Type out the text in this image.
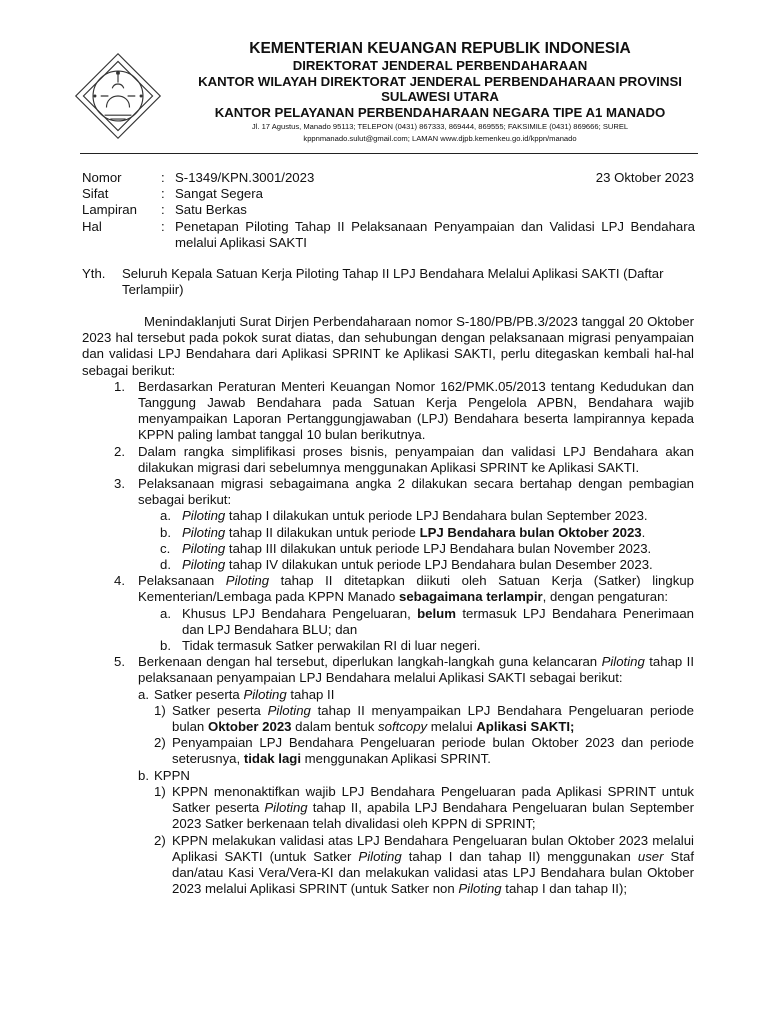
KEMENTERIAN KEUANGAN REPUBLIK INDONESIA
DIREKTORAT JENDERAL PERBENDAHARAAN
KANTOR WILAYAH DIREKTORAT JENDERAL PERBENDAHARAAN PROVINSI
SULAWESI UTARA
KANTOR PELAYANAN PERBENDAHARAAN NEGARA TIPE A1 MANADO
Jl. 17 Agustus, Manado 95113; TELEPON (0431) 867333, 869444, 869555; FAKSIMILE (0431) 869666; SUREL
kppnmanado.sulut@gmail.com; LAMAN www.djpb.kemenkeu.go.id/kppn/manado
Nomor	: S-1349/KPN.3001/2023	23 Oktober 2023
Sifat	: Sangat Segera
Lampiran	: Satu Berkas
Hal	: Penetapan Piloting Tahap II Pelaksanaan Penyampaian dan Validasi LPJ Bendahara melalui Aplikasi SAKTI
Yth.	Seluruh Kepala Satuan Kerja Piloting Tahap II LPJ Bendahara Melalui Aplikasi SAKTI (Daftar Terlampiir)

Menindaklanjuti Surat Dirjen Perbendaharaan nomor S-180/PB/PB.3/2023 tanggal 20 Oktober 2023 hal tersebut pada pokok surat diatas, dan sehubungan dengan pelaksanaan migrasi penyampaian dan validasi LPJ Bendahara dari Aplikasi SPRINT ke Aplikasi SAKTI, perlu ditegaskan kembali hal-hal sebagai berikut:

1. Berdasarkan Peraturan Menteri Keuangan Nomor 162/PMK.05/2013 tentang Kedudukan dan Tanggung Jawab Bendahara pada Satuan Kerja Pengelola APBN, Bendahara wajib menyampaikan Laporan Pertanggungjawaban (LPJ) Bendahara beserta lampirannya kepada KPPN paling lambat tanggal 10 bulan berikutnya.
2. Dalam rangka simplifikasi proses bisnis, penyampaian dan validasi LPJ Bendahara akan dilakukan migrasi dari sebelumnya menggunakan Aplikasi SPRINT ke Aplikasi SAKTI.
3. Pelaksanaan migrasi sebagaimana angka 2 dilakukan secara bertahap dengan pembagian sebagai berikut:
a. Piloting tahap I dilakukan untuk periode LPJ Bendahara bulan September 2023.
b. Piloting tahap II dilakukan untuk periode LPJ Bendahara bulan Oktober 2023.
c. Piloting tahap III dilakukan untuk periode LPJ Bendahara bulan November 2023.
d. Piloting tahap IV dilakukan untuk periode LPJ Bendahara bulan Desember 2023.
4. Pelaksanaan Piloting tahap II ditetapkan diikuti oleh Satuan Kerja (Satker) lingkup Kementerian/Lembaga pada KPPN Manado sebagaimana terlampir, dengan pengaturan:
a. Khusus LPJ Bendahara Pengeluaran, belum termasuk LPJ Bendahara Penerimaan dan LPJ Bendahara BLU; dan
b. Tidak termasuk Satker perwakilan RI di luar negeri.
5. Berkenaan dengan hal tersebut, diperlukan langkah-langkah guna kelancaran Piloting tahap II pelaksanaan penyampaian LPJ Bendahara melalui Aplikasi SAKTI sebagai berikut:
a. Satker peserta Piloting tahap II
1) Satker peserta Piloting tahap II menyampaikan LPJ Bendahara Pengeluaran periode bulan Oktober 2023 dalam bentuk softcopy melalui Aplikasi SAKTI;
2) Penyampaian LPJ Bendahara Pengeluaran periode bulan Oktober 2023 dan periode seterusnya, tidak lagi menggunakan Aplikasi SPRINT.
b. KPPN
1) KPPN menonaktifkan wajib LPJ Bendahara Pengeluaran pada Aplikasi SPRINT untuk Satker peserta Piloting tahap II, apabila LPJ Bendahara Pengeluaran bulan September 2023 Satker berkenaan telah divalidasi oleh KPPN di SPRINT;
2) KPPN melakukan validasi atas LPJ Bendahara Pengeluaran bulan Oktober 2023 melalui Aplikasi SAKTI (untuk Satker Piloting tahap I dan tahap II) menggunakan user Staf dan/atau Kasi Vera/Vera-KI dan melakukan validasi atas LPJ Bendahara bulan Oktober 2023 melalui Aplikasi SPRINT (untuk Satker non Piloting tahap I dan tahap II);
